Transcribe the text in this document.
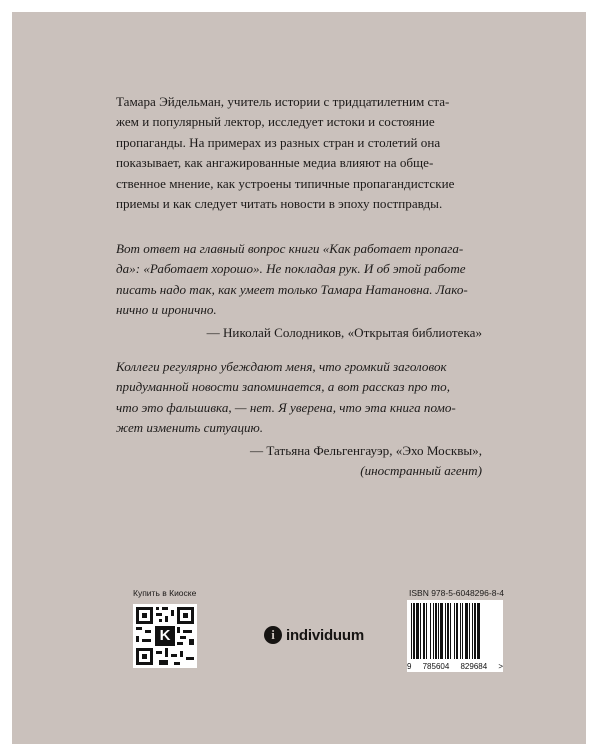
Тамара Эйдельман, учитель истории с тридцатилетним ста-
жем и популярный лектор, исследует истоки и состояние
пропаганды. На примерах из разных стран и столетий она
показывает, как ангажированные медиа влияют на обще-
ственное мнение, как устроены типичные пропагандистские
приемы и как следует читать новости в эпоху постправды.

Вот ответ на главный вопрос книги «Как работает пропага-
да»: «Работает хорошо». Не покладая рук. И об этой работе
писать надо так, как умеет только Тамара Натановна. Лако-
нично и иронично.

— Николай Солодников, «Открытая библиотека»

Коллеги регулярно убеждают меня, что громкий заголовок
придуманной новости запоминается, а вот рассказ про то,
что это фальшивка, — нет. Я уверена, что эта книга помо-
жет изменить ситуацию.

— Татьяна Фельгенгауэр, «Эхо Москвы»,
(иностранный агент)
Купить в Киоске
K	i individuum
ISBN 978-5-6048296-8-4
9 785604 829684 >
